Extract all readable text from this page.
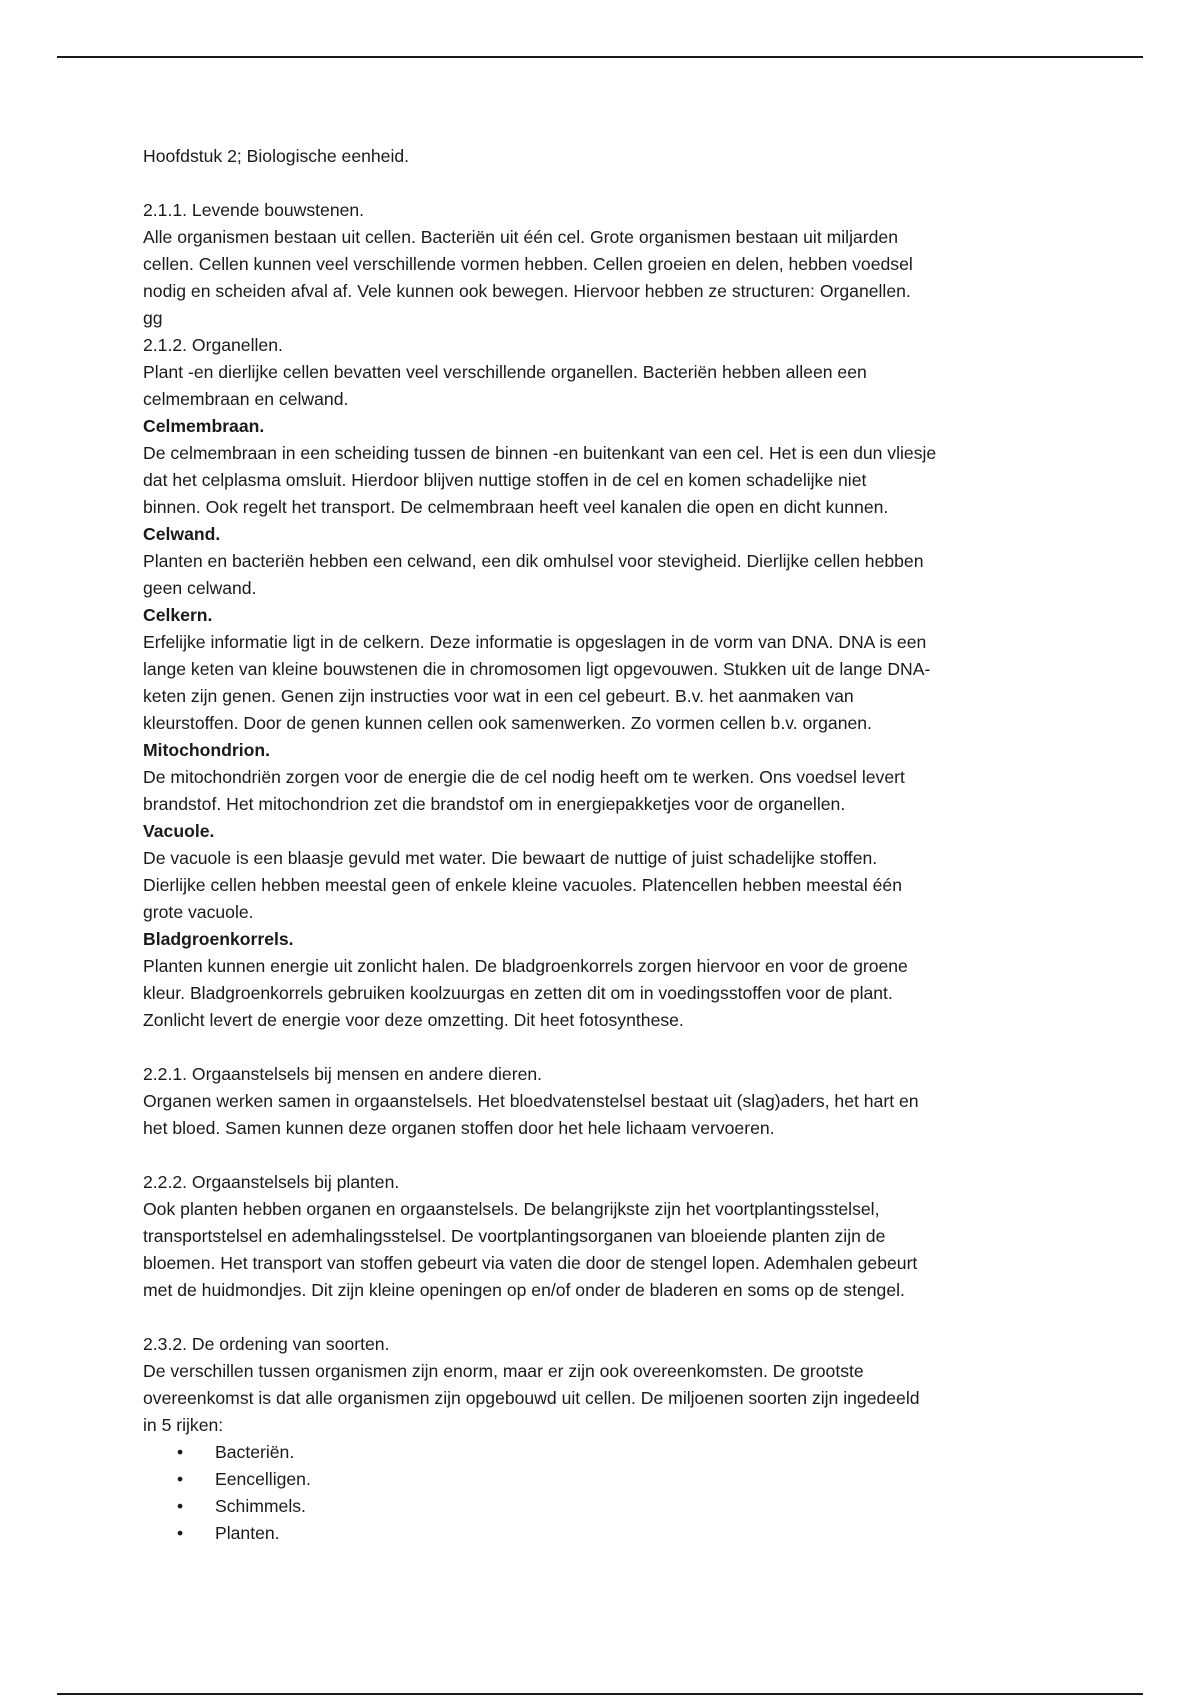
Hoofdstuk 2; Biologische eenheid.
2.1.1. Levende bouwstenen.
Alle organismen bestaan uit cellen. Bacteriën uit één cel. Grote organismen bestaan uit miljarden
cellen. Cellen kunnen veel verschillende vormen hebben. Cellen groeien en delen, hebben voedsel
nodig en scheiden afval af. Vele kunnen ook bewegen. Hiervoor hebben ze structuren: Organellen.
gg
2.1.2. Organellen.
Plant -en dierlijke cellen bevatten veel verschillende organellen. Bacteriën hebben alleen een
celmembraan en celwand.
Celmembraan.
De celmembraan in een scheiding tussen de binnen -en buitenkant van een cel. Het is een dun vliesje
dat het celplasma omsluit. Hierdoor blijven nuttige stoffen in de cel en komen schadelijke niet
binnen. Ook regelt het transport. De celmembraan heeft veel kanalen die open en dicht kunnen.
Celwand.
Planten en bacteriën hebben een celwand, een dik omhulsel voor stevigheid. Dierlijke cellen hebben
geen celwand.
Celkern.
Erfelijke informatie ligt in de celkern. Deze informatie is opgeslagen in de vorm van DNA. DNA is een
lange keten van kleine bouwstenen die in chromosomen ligt opgevouwen. Stukken uit de lange DNA-
keten zijn genen. Genen zijn instructies voor wat in een cel gebeurt. B.v. het aanmaken van
kleurstoffen. Door de genen kunnen cellen ook samenwerken. Zo vormen cellen b.v. organen.
Mitochondrion.
De mitochondriën zorgen voor de energie die de cel nodig heeft om te werken. Ons voedsel levert
brandstof. Het mitochondrion zet die brandstof om in energiepakketjes voor de organellen.
Vacuole.
De vacuole is een blaasje gevuld met water. Die bewaart de nuttige of juist schadelijke stoffen.
Dierlijke cellen hebben meestal geen of enkele kleine vacuoles. Platencellen hebben meestal één
grote vacuole.
Bladgroenkorrels.
Planten kunnen energie uit zonlicht halen. De bladgroenkorrels zorgen hiervoor en voor de groene
kleur. Bladgroenkorrels gebruiken koolzuurgas en zetten dit om in voedingsstoffen voor de plant.
Zonlicht levert de energie voor deze omzetting. Dit heet fotosynthese.
2.2.1. Orgaanstelsels bij mensen en andere dieren.
Organen werken samen in orgaanstelsels. Het bloedvatenstelsel bestaat uit (slag)aders, het hart en
het bloed. Samen kunnen deze organen stoffen door het hele lichaam vervoeren.
2.2.2. Orgaanstelsels bij planten.
Ook planten hebben organen en orgaanstelsels. De belangrijkste zijn het voortplantingsstelsel,
transportstelsel en ademhalingsstelsel. De voortplantingsorganen van bloeiende planten zijn de
bloemen. Het transport van stoffen gebeurt via vaten die door de stengel lopen. Ademhalen gebeurt
met de huidmondjes. Dit zijn kleine openingen op en/of onder de bladeren en soms op de stengel.
2.3.2. De ordening van soorten.
De verschillen tussen organismen zijn enorm, maar er zijn ook overeenkomsten. De grootste
overeenkomst is dat alle organismen zijn opgebouwd uit cellen. De miljoenen soorten zijn ingedeeld
in 5 rijken:
• Bacteriën.
• Eencelligen.
• Schimmels.
• Planten.
